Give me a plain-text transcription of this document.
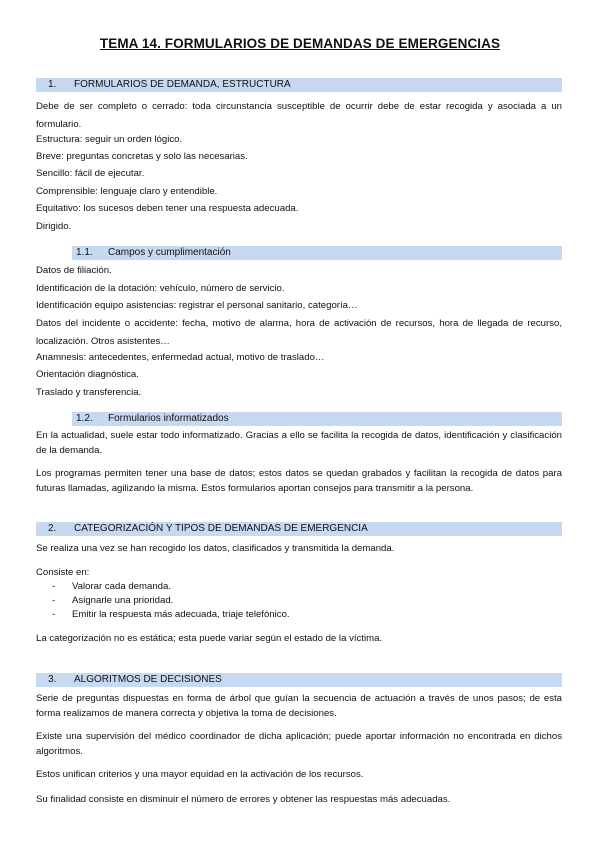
TEMA 14. FORMULARIOS DE DEMANDAS DE EMERGENCIAS
1. FORMULARIOS DE DEMANDA, ESTRUCTURA

Debe de ser completo o cerrado: toda circunstancia susceptible de ocurrir debe de estar recogida y asociada a un formulario.

Estructura: seguir un orden lógico.

Breve: preguntas concretas y solo las necesarias.

Sencillo: fácil de ejecutar.

Comprensible: lenguaje claro y entendible.

Equitativo: los sucesos deben tener una respuesta adecuada.

Dirigido.

1.1. Campos y cumplimentación

Datos de filiación.

Identificación de la dotación: vehículo, número de servicio.

Identificación equipo asistencias: registrar el personal sanitario, categoría…

Datos del incidente o accidente: fecha, motivo de alarma, hora de activación de recursos, hora de llegada de recurso, localización. Otros asistentes…

Anamnesis: antecedentes, enfermedad actual, motivo de traslado…

Orientación diagnóstica.

Traslado y transferencia.

1.2. Formularios informatizados

En la actualidad, suele estar todo informatizado. Gracias a ello se facilita la recogida de datos, identificación y clasificación de la demanda.

Los programas permiten tener una base de datos; estos datos se quedan grabados y facilitan la recogida de datos para futuras llamadas, agilizando la misma. Estos formularios aportan consejos para transmitir a la persona.

2. CATEGORIZACIÓN Y TIPOS DE DEMANDAS DE EMERGENCIA

Se realiza una vez se han recogido los datos, clasificados y transmitida la demanda.

Consiste en:

- Valorar cada demanda.
- Asignarle una prioridad.
- Emitir la respuesta más adecuada, triaje telefónico.

La categorización no es estática; esta puede variar según el estado de la víctima.

3. ALGORITMOS DE DECISIONES

Serie de preguntas dispuestas en forma de árbol que guían la secuencia de actuación a través de unos pasos; de esta forma realizamos de manera correcta y objetiva la toma de decisiones.

Existe una supervisión del médico coordinador de dicha aplicación; puede aportar información no encontrada en dichos algoritmos.

Estos unifican criterios y una mayor equidad en la activación de los recursos.

Su finalidad consiste en disminuir el número de errores y obtener las respuestas más adecuadas.
